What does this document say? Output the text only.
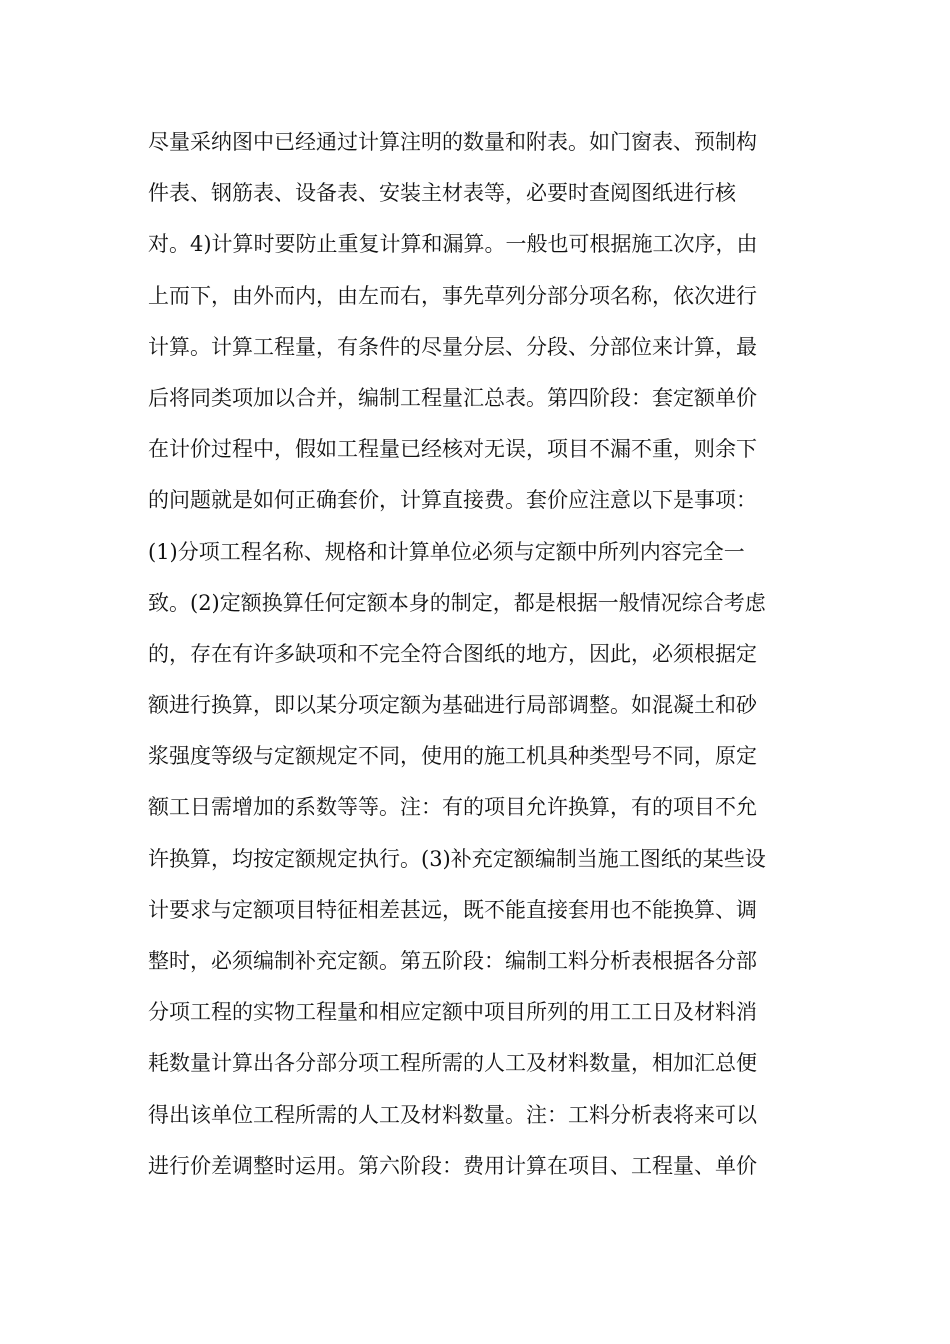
尽量采纳图中已经通过计算注明的数量和附表。如门窗表、预制构
件表、钢筋表、设备表、安装主材表等，必要时查阅图纸进行核
对。4)计算时要防止重复计算和漏算。一般也可根据施工次序，由
上而下，由外而内，由左而右，事先草列分部分项名称，依次进行
计算。计算工程量，有条件的尽量分层、分段、分部位来计算，最
后将同类项加以合并，编制工程量汇总表。第四阶段：套定额单价
在计价过程中，假如工程量已经核对无误，项目不漏不重，则余下
的问题就是如何正确套价，计算直接费。套价应注意以下是事项：
(1)分项工程名称、规格和计算单位必须与定额中所列内容完全一
致。(2)定额换算任何定额本身的制定，都是根据一般情况综合考虑
的，存在有许多缺项和不完全符合图纸的地方，因此，必须根据定
额进行换算，即以某分项定额为基础进行局部调整。如混凝土和砂
浆强度等级与定额规定不同，使用的施工机具种类型号不同，原定
额工日需增加的系数等等。注：有的项目允许换算，有的项目不允
许换算，均按定额规定执行。(3)补充定额编制当施工图纸的某些设
计要求与定额项目特征相差甚远，既不能直接套用也不能换算、调
整时，必须编制补充定额。第五阶段：编制工料分析表根据各分部
分项工程的实物工程量和相应定额中项目所列的用工工日及材料消
耗数量计算出各分部分项工程所需的人工及材料数量，相加汇总便
得出该单位工程所需的人工及材料数量。注：工料分析表将来可以
进行价差调整时运用。第六阶段：费用计算在项目、工程量、单价
